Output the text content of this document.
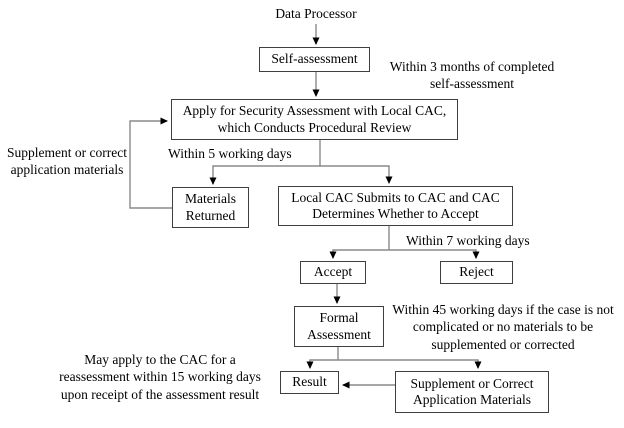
Data Processor
Self-assessment
Apply for Security Assessment with Local CAC, which Conducts Procedural Review
Materials Returned
Local CAC Submits to CAC and CAC Determines Whether to Accept
Accept	Reject
Formal Assessment
Result	Supplement or Correct Application Materials
Within 3 months of completed self-assessment
Within 5 working days
Supplement or correct application materials
Within 7 working days
Within 45 working days if the case is not complicated or no materials to be supplemented or corrected
May apply to the CAC for a reassessment within 15 working days upon receipt of the assessment result
